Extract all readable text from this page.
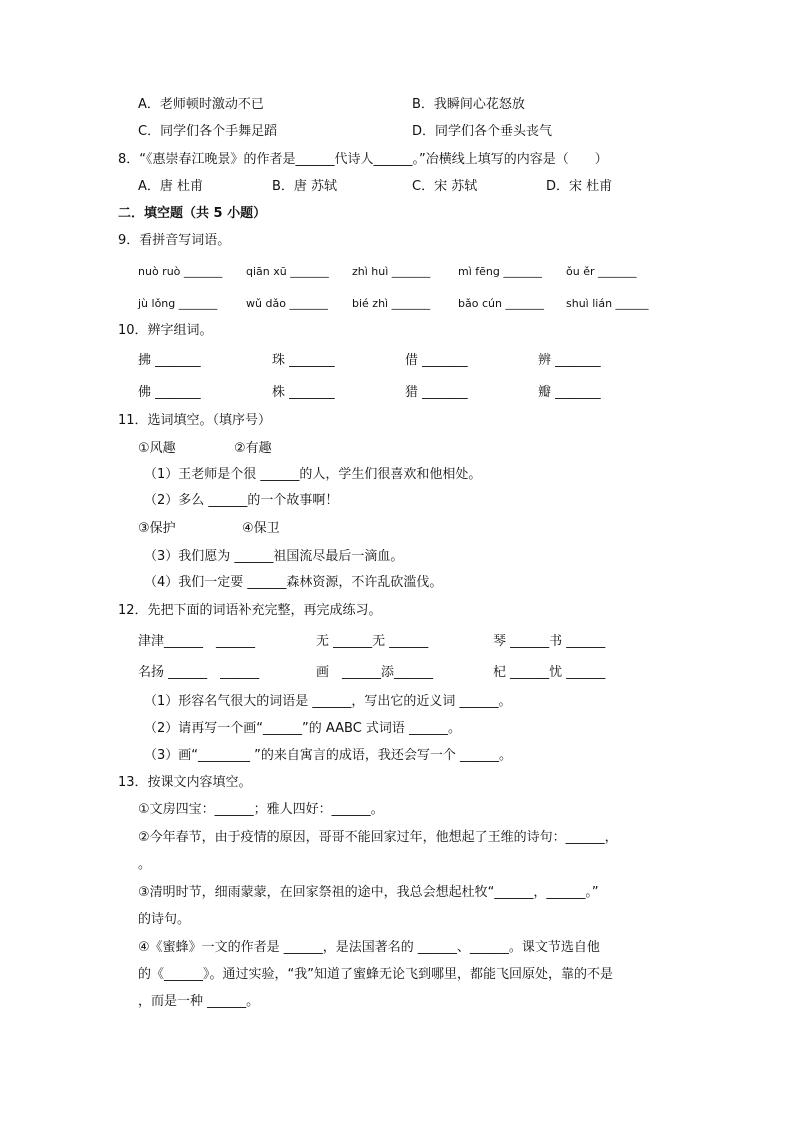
A．老师顿时激动不已	B．我瞬间心花怒放
C．同学们各个手舞足蹈	D．同学们各个垂头丧气
8．“《惠崇春江晚景》的作者是______代诗人______。”冶横线上填写的内容是（　　）
A．唐 杜甫	B．唐 苏轼	C．宋 苏轼	D．宋 杜甫
二．填空题（共 5 小题）
9．看拼音写词语。
nuò ruò _______ qiān xū _______ zhì huì _______	mì fēng _______ ǒu ěr _______
jù lǒng _______	wǔ dǎo _______ bié zhì _______	bǎo cún _______ shuì lián ______
10．辨字组词。
拂 _______	珠 _______	借 _______	辨 _______
佛 _______	株 _______	猎 _______	瓣 _______
11．选词填空。（填序号）
①风趣	②有趣
（1）王老师是个很 ______的人，学生们很喜欢和他相处。
（2）多么 ______的一个故事啊！
③保护	④保卫
（3）我们愿为 ______祖国流尽最后一滴血。
（4）我们一定要 ______森林资源，不许乱砍滥伐。
12．先把下面的词语补充完整，再完成练习。
津津______　______	无 ______无 ______	琴 ______书 ______
名扬 ______　______	画　______添______	杞 ______忧 ______
（1）形容名气很大的词语是 ______，写出它的近义词 ______。
（2）请再写一个画“______”的 AABC 式词语 ______。
（3）画“________ ”的来自寓言的成语，我还会写一个 ______。
13．按课文内容填空。
①文房四宝：______；雅人四好：______。
②今年春节，由于疫情的原因，哥哥不能回家过年，他想起了王维的诗句：______，
。
③清明时节，细雨蒙蒙，在回家祭祖的途中，我总会想起杜牧“______，______。”
的诗句。
④《蜜蜂》一文的作者是 ______，是法国著名的 ______、______。课文节选自他
的《______》。通过实验，“我”知道了蜜蜂无论飞到哪里，都能飞回原处，靠的不是
，而是一种 ______。
